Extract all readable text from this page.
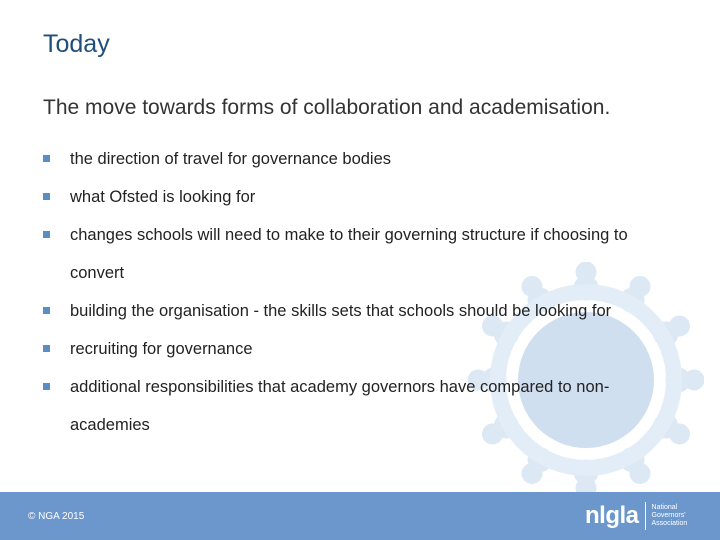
Today
The move towards forms of collaboration and academisation.
the direction of travel for governance bodies
what Ofsted is looking for
changes schools will need to make to their governing structure if choosing to convert
building the organisation - the skills sets that schools should be looking for
recruiting for governance
additional responsibilities that academy governors have compared to non-academies
© NGA 2015	nlgla National
Governors'
Association
